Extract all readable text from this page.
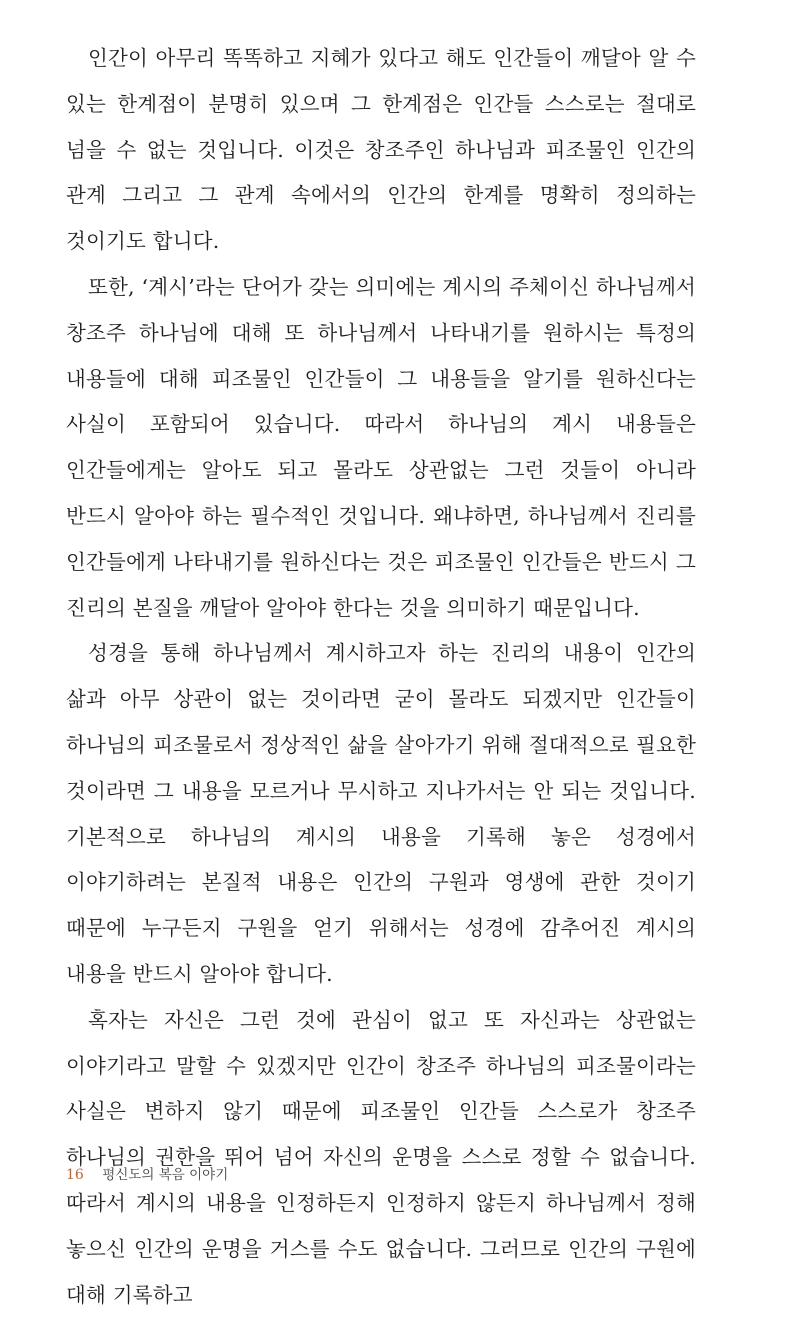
인간이 아무리 똑똑하고 지혜가 있다고 해도 인간들이 깨달아 알 수 있는 한계점이 분명히 있으며 그 한계점은 인간들 스스로는 절대로 넘을 수 없는 것입니다. 이것은 창조주인 하나님과 피조물인 인간의 관계 그리고 그 관계 속에서의 인간의 한계를 명확히 정의하는 것이기도 합니다.

또한, ‘계시’라는 단어가 갖는 의미에는 계시의 주체이신 하나님께서 창조주 하나님에 대해 또 하나님께서 나타내기를 원하시는 특정의 내용들에 대해 피조물인 인간들이 그 내용들을 알기를 원하신다는 사실이 포함되어 있습니다. 따라서 하나님의 계시 내용들은 인간들에게는 알아도 되고 몰라도 상관없는 그런 것들이 아니라 반드시 알아야 하는 필수적인 것입니다. 왜냐하면, 하나님께서 진리를 인간들에게 나타내기를 원하신다는 것은 피조물인 인간들은 반드시 그 진리의 본질을 깨달아 알아야 한다는 것을 의미하기 때문입니다.

성경을 통해 하나님께서 계시하고자 하는 진리의 내용이 인간의 삶과 아무 상관이 없는 것이라면 굳이 몰라도 되겠지만 인간들이 하나님의 피조물로서 정상적인 삶을 살아가기 위해 절대적으로 필요한 것이라면 그 내용을 모르거나 무시하고 지나가서는 안 되는 것입니다. 기본적으로 하나님의 계시의 내용을 기록해 놓은 성경에서 이야기하려는 본질적 내용은 인간의 구원과 영생에 관한 것이기 때문에 누구든지 구원을 얻기 위해서는 성경에 감추어진 계시의 내용을 반드시 알아야 합니다.

혹자는 자신은 그런 것에 관심이 없고 또 자신과는 상관없는 이야기라고 말할 수 있겠지만 인간이 창조주 하나님의 피조물이라는 사실은 변하지 않기 때문에 피조물인 인간들 스스로가 창조주 하나님의 권한을 뛰어 넘어 자신의 운명을 스스로 정할 수 없습니다. 따라서 계시의 내용을 인정하든지 인정하지 않든지 하나님께서 정해 놓으신 인간의 운명을 거스를 수도 없습니다. 그러므로 인간의 구원에 대해 기록하고

16 평신도의 복음 이야기
